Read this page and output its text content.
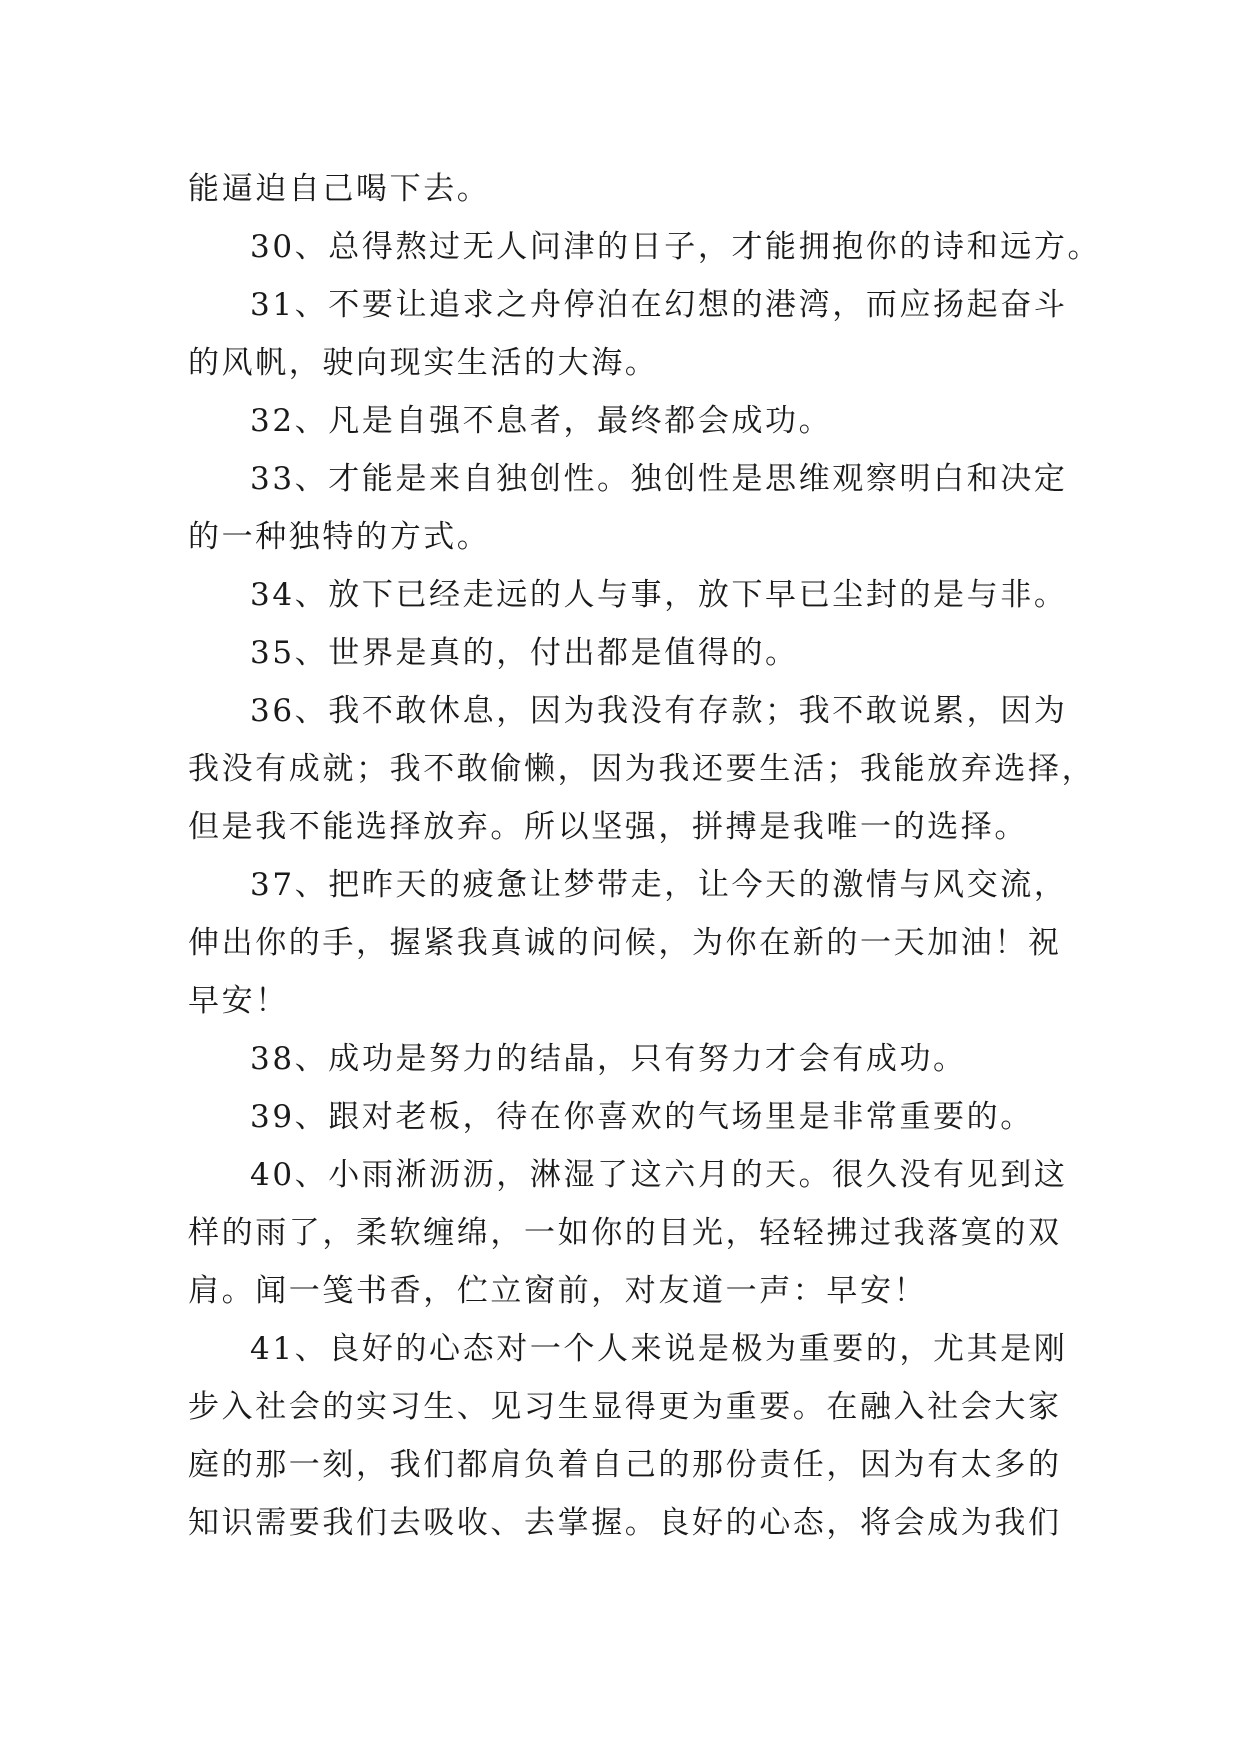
能逼迫自己喝下去。
30、总得熬过无人问津的日子，才能拥抱你的诗和远方。
31、不要让追求之舟停泊在幻想的港湾，而应扬起奋斗
的风帆，驶向现实生活的大海。
32、凡是自强不息者，最终都会成功。
33、才能是来自独创性。独创性是思维观察明白和决定
的一种独特的方式。
34、放下已经走远的人与事，放下早已尘封的是与非。
35、世界是真的，付出都是值得的。
36、我不敢休息，因为我没有存款；我不敢说累，因为
我没有成就；我不敢偷懒，因为我还要生活；我能放弃选择，
但是我不能选择放弃。所以坚强，拼搏是我唯一的选择。
37、把昨天的疲惫让梦带走，让今天的激情与风交流，
伸出你的手，握紧我真诚的问候，为你在新的一天加油！祝
早安！
38、成功是努力的结晶，只有努力才会有成功。
39、跟对老板，待在你喜欢的气场里是非常重要的。
40、小雨淅沥沥，淋湿了这六月的天。很久没有见到这
样的雨了，柔软缠绵，一如你的目光，轻轻拂过我落寞的双
肩。闻一笺书香，伫立窗前，对友道一声：早安！
41、良好的心态对一个人来说是极为重要的，尤其是刚
步入社会的实习生、见习生显得更为重要。在融入社会大家
庭的那一刻，我们都肩负着自己的那份责任，因为有太多的
知识需要我们去吸收、去掌握。良好的心态，将会成为我们
